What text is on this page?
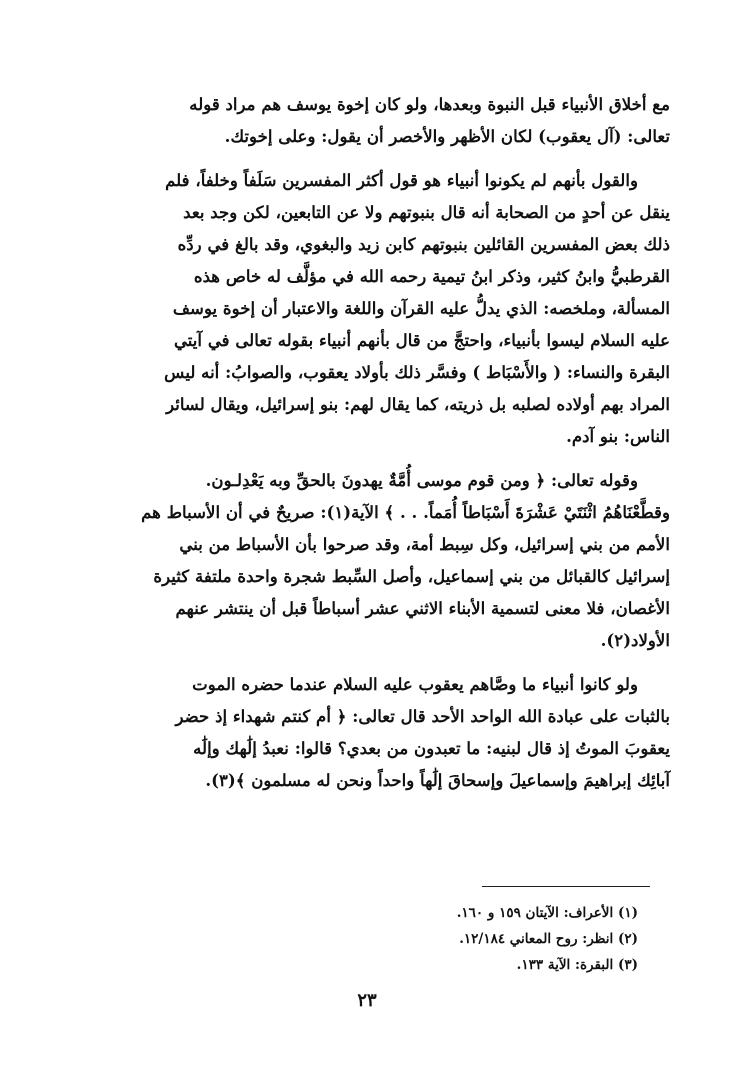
مع أخلاق الأنبياء قبل النبوة وبعدها، ولو كان إخوة يوسف هم مراد قوله
تعالى: (آل يعقوب) لكان الأظهر والأخصر أن يقول: وعلى إخوتك.

والقول بأنهم لم يكونوا أنبياء هو قول أكثر المفسرين سَلَفاً وخلفاً، فلم
ينقل عن أحدٍ من الصحابة أنه قال بنبوتهم ولا عن التابعين، لكن وجد بعد
ذلك بعض المفسرين القائلين بنبوتهم كابن زيد والبغوي، وقد بالغ في ردِّه
القرطبيُّ وابنُ كثير، وذكر ابنُ تيمية رحمه الله في مؤلَّف له خاص هذه
المسألة، وملخصه: الذي يدلُّ عليه القرآن واللغة والاعتبار أن إخوة يوسف
عليه السلام ليسوا بأنبياء، واحتجَّ من قال بأنهم أنبياء بقوله تعالى في آيتي
البقرة والنساء: ( والأَسْبَاط ) وفسَّر ذلك بأولاد يعقوب، والصوابُ: أنه ليس
المراد بهم أولاده لصلبه بل ذريته، كما يقال لهم: بنو إسرائيل، ويقال لسائر
الناس: بنو آدم.

وقوله تعالى: ﴿ ومن قوم موسى أُمَّةٌ يهدونَ بالحقِّ وبه يَعْدِلـون.
وقطَّعْنَاهُمُ اثْنَتَيْ عَشْرَةَ أَسْبَاطاً أُمَماً. . . ﴾ الآية(١): صريحٌ في أن الأسباط هم
الأمم من بني إسرائيل، وكل سِبط أمة، وقد صرحوا بأن الأسباط من بني
إسرائيل كالقبائل من بني إسماعيل، وأصل السِّبط شجرة واحدة ملتفة كثيرة
الأغصان، فلا معنى لتسمية الأبناء الاثني عشر أسباطاً قبل أن ينتشر عنهم
الأولاد(٢).

ولو كانوا أنبياء ما وصَّاهم يعقوب عليه السلام عندما حضره الموت
بالثبات على عبادة الله الواحد الأحد قال تعالى: ﴿ أم كنتم شهداء إذ حضر
يعقوبَ الموتُ إذ قال لبنيه: ما تعبدون من بعدي؟ قالوا: نعبدُ إلَٰهك وإلَٰه
آبائِك إبراهيمَ وإسماعيلَ وإسحاقَ إلَٰهاً واحداً ونحن له مسلمون ﴾(٣).

(١) الأعراف: الآيتان ١٥٩ و ١٦٠.
(٢) انظر: روح المعاني ١٢/١٨٤.
(٣) البقرة: الآية ١٣٣.
٢٣
